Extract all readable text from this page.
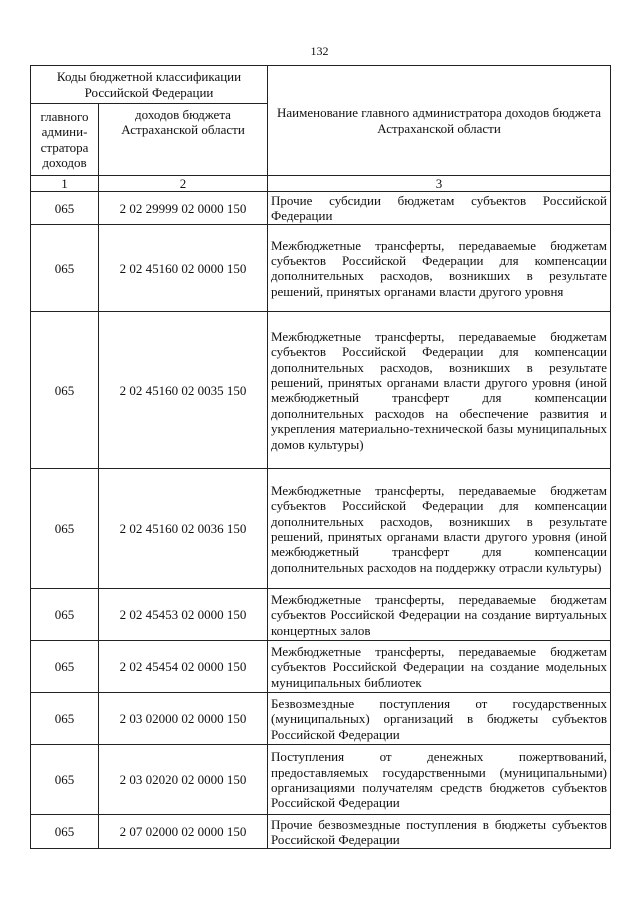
132
Коды бюджетной классификации Российской Федерации		Наименование главного администратора доходов бюджета Астраханской области
главного админи-стратора доходов	доходов бюджета Астраханской области	
1	2	3
065	2 02 29999 02 0000 150	Прочие субсидии бюджетам субъектов Российской Федерации
065	2 02 45160 02 0000 150	Межбюджетные трансферты, передаваемые бюджетам субъектов Российской Федерации для компенсации дополнительных расходов, возникших в результате решений, принятых органами власти другого уровня
065	2 02 45160 02 0035 150	Межбюджетные трансферты, передаваемые бюджетам субъектов Российской Федерации для компенсации дополнительных расходов, возникших в результате решений, принятых органами власти другого уровня (иной межбюджетный трансферт для компенсации дополнительных расходов на обеспечение развития и укрепления материально-технической базы муниципальных домов культуры)
065	2 02 45160 02 0036 150	Межбюджетные трансферты, передаваемые бюджетам субъектов Российской Федерации для компенсации дополнительных расходов, возникших в результате решений, принятых органами власти другого уровня (иной межбюджетный трансферт для компенсации дополнительных расходов на поддержку отрасли культуры)
065	2 02 45453 02 0000 150	Межбюджетные трансферты, передаваемые бюджетам субъектов Российской Федерации на создание виртуальных концертных залов
065	2 02 45454 02 0000 150	Межбюджетные трансферты, передаваемые бюджетам субъектов Российской Федерации на создание модельных муниципальных библиотек
065	2 03 02000 02 0000 150	Безвозмездные поступления от государственных (муниципальных) организаций в бюджеты субъектов Российской Федерации
065	2 03 02020 02 0000 150	Поступления от денежных пожертвований, предоставляемых государственными (муниципальными) организациями получателям средств бюджетов субъектов Российской Федерации
065	2 07 02000 02 0000 150	Прочие безвозмездные поступления в бюджеты субъектов Российской Федерации
